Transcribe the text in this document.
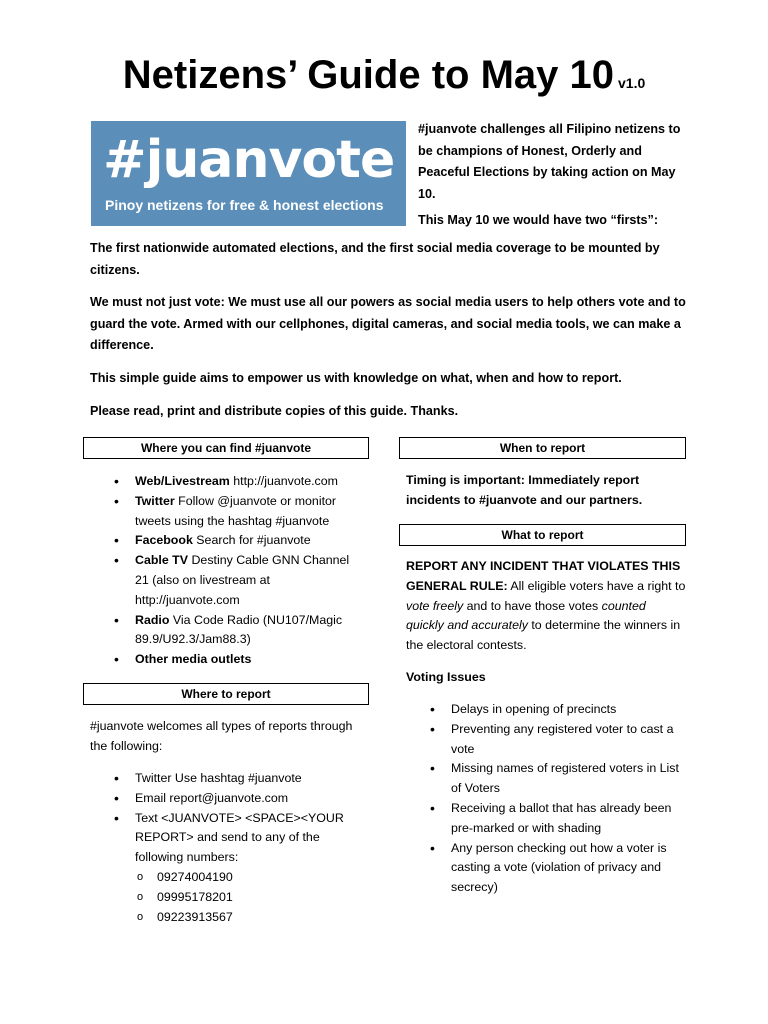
Netizens’ Guide to May 10 v1.0
#juanvote
Pinoy netizens for free & honest elections
#juanvote challenges all Filipino netizens to be champions of Honest, Orderly and Peaceful Elections by taking action on May 10.
This May 10 we would have two “firsts”:
The first nationwide automated elections, and the first social media coverage to be mounted by citizens.
We must not just vote: We must use all our powers as social media users to help others vote and to guard the vote. Armed with our cellphones, digital cameras, and social media tools, we can make a difference.
This simple guide aims to empower us with knowledge on what, when and how to report.
Please read, print and distribute copies of this guide. Thanks.
Where you can find #juanvote
• Web/Livestream http://juanvote.com
• Twitter Follow @juanvote or monitor tweets using the hashtag #juanvote
• Facebook Search for #juanvote
• Cable TV Destiny Cable GNN Channel 21 (also on livestream at http://juanvote.com
• Radio Via Code Radio (NU107/Magic 89.9/U92.3/Jam88.3)
• Other media outlets
Where to report
#juanvote welcomes all types of reports through the following:
• Twitter Use hashtag #juanvote
• Email report@juanvote.com
• Text <JUANVOTE> <SPACE><YOUR REPORT> and send to any of the following numbers:
o 09274004190
o 09995178201
o 09223913567
When to report
Timing is important: Immediately report incidents to #juanvote and our partners.
What to report
REPORT ANY INCIDENT THAT VIOLATES THIS GENERAL RULE: All eligible voters have a right to vote freely and to have those votes counted quickly and accurately to determine the winners in the electoral contests.
Voting Issues
• Delays in opening of precincts
• Preventing any registered voter to cast a vote
• Missing names of registered voters in List of Voters
• Receiving a ballot that has already been pre-marked or with shading
• Any person checking out how a voter is casting a vote (violation of privacy and secrecy)
